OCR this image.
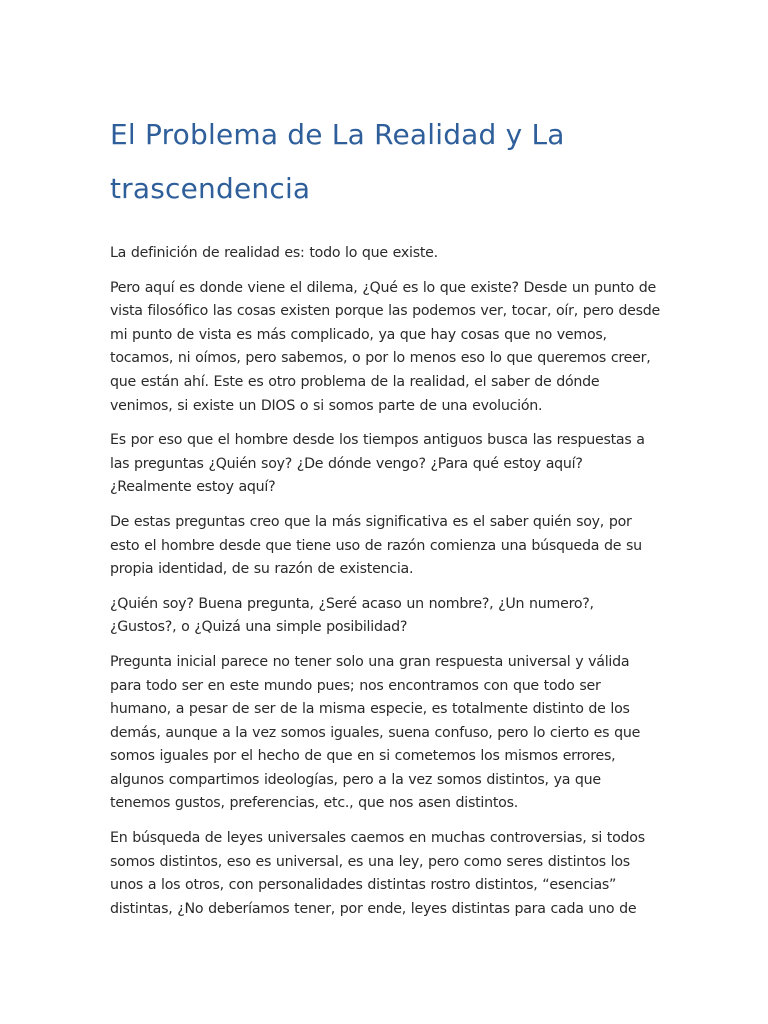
El Problema de La Realidad y La trascendencia

La definición de realidad es: todo lo que existe.

Pero aquí es donde viene el dilema, ¿Qué es lo que existe? Desde un punto de vista filosófico las cosas existen porque las podemos ver, tocar, oír, pero desde mi punto de vista es más complicado, ya que hay cosas que no vemos, tocamos, ni oímos, pero sabemos, o por lo menos eso lo que queremos creer, que están ahí. Este es otro problema de la realidad, el saber de dónde venimos, si existe un DIOS o si somos parte de una evolución.

Es por eso que el hombre desde los tiempos antiguos busca las respuestas a las preguntas ¿Quién soy? ¿De dónde vengo? ¿Para qué estoy aquí? ¿Realmente estoy aquí?

De estas preguntas creo que la más significativa es el saber quién soy, por esto el hombre desde que tiene uso de razón comienza una búsqueda de su propia identidad, de su razón de existencia.

¿Quién soy? Buena pregunta, ¿Seré acaso un nombre?, ¿Un numero?, ¿Gustos?, o ¿Quizá una simple posibilidad?

Pregunta inicial parece no tener solo una gran respuesta universal y válida para todo ser en este mundo pues; nos encontramos con que todo ser humano, a pesar de ser de la misma especie, es totalmente distinto de los demás, aunque a la vez somos iguales, suena confuso, pero lo cierto es que somos iguales por el hecho de que en si cometemos los mismos errores, algunos compartimos ideologías, pero a la vez somos distintos, ya que tenemos gustos, preferencias, etc., que nos asen distintos.

En búsqueda de leyes universales caemos en muchas controversias, si todos somos distintos, eso es universal, es una ley, pero como seres distintos los unos a los otros, con personalidades distintas rostro distintos, “esencias” distintas, ¿No deberíamos tener, por ende, leyes distintas para cada uno de
